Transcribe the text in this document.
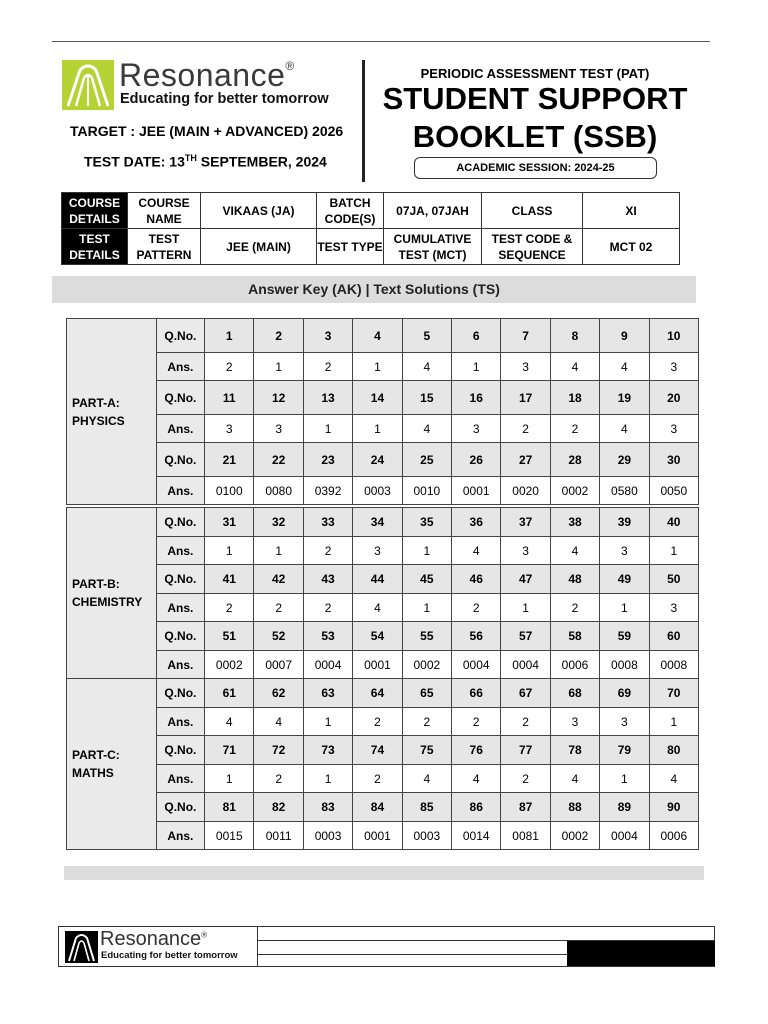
Resonance®
Educating for better tomorrow
TARGET : JEE (MAIN + ADVANCED) 2026
TEST DATE: 13TH SEPTEMBER, 2024
PERIODIC ASSESSMENT TEST (PAT)
STUDENT SUPPORT
BOOKLET (SSB)
ACADEMIC SESSION: 2024-25
COURSE DETAILS	COURSE NAME	VIKAAS (JA)	BATCH CODE(S)	07JA, 07JAH	CLASS	XI
TEST DETAILS	TEST PATTERN	JEE (MAIN)	TEST TYPE	CUMULATIVE TEST (MCT)	TEST CODE & SEQUENCE	MCT 02
Answer Key (AK) | Text Solutions (TS)
PART-A: PHYSICS	Q.No.	1	2	3	4	5	6	7	8	9	10
	Ans.	2	1	2	1	4	1	3	4	4	3
	Q.No.	11	12	13	14	15	16	17	18	19	20
	Ans.	3	3	1	1	4	3	2	2	4	3
	Q.No.	21	22	23	24	25	26	27	28	29	30
	Ans.	0100	0080	0392	0003	0010	0001	0020	0002	0580	0050
PART-B: CHEMISTRY	Q.No.	31	32	33	34	35	36	37	38	39	40
	Ans.	1	1	2	3	1	4	3	4	3	1
	Q.No.	41	42	43	44	45	46	47	48	49	50
	Ans.	2	2	2	4	1	2	1	2	1	3
	Q.No.	51	52	53	54	55	56	57	58	59	60
	Ans.	0002	0007	0004	0001	0002	0004	0004	0006	0008	0008
PART-C: MATHS	Q.No.	61	62	63	64	65	66	67	68	69	70
	Ans.	4	4	1	2	2	2	2	3	3	1
	Q.No.	71	72	73	74	75	76	77	78	79	80
	Ans.	1	2	1	2	4	4	2	4	1	4
	Q.No.	81	82	83	84	85	86	87	88	89	90
	Ans.	0015	0011	0003	0001	0003	0014	0081	0002	0004	0006
Resonance®
Educating for better tomorrow
